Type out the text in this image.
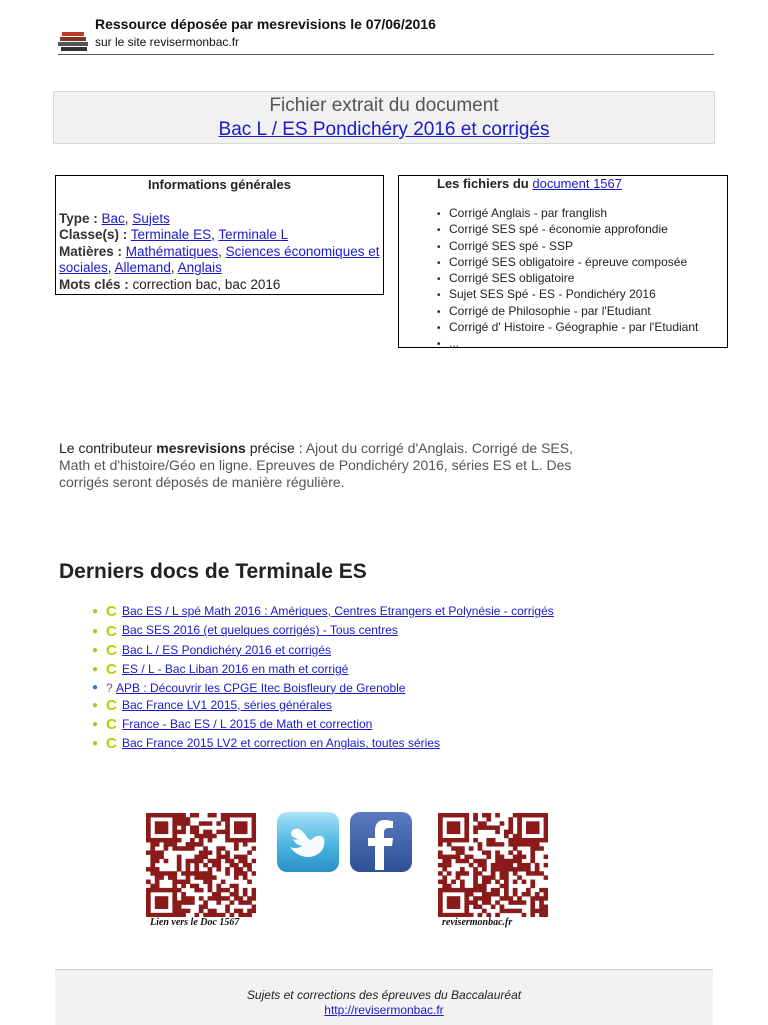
Ressource déposée par mesrevisions le 07/06/2016
sur le site revisermonbac.fr
Fichier extrait du document
Bac L / ES Pondichéry 2016 et corrigés
Informations générales
Type : Bac, Sujets
Classe(s) : Terminale ES, Terminale L
Matières : Mathématiques, Sciences économiques et sociales, Allemand, Anglais
Mots clés : correction bac, bac 2016
Les fichiers du document 1567
• Corrigé Anglais - par franglish
• Corrigé SES spé - économie approfondie
• Corrigé SES spé - SSP
• Corrigé SES obligatoire - épreuve composée
• Corrigé SES obligatoire
• Sujet SES Spé - ES - Pondichéry 2016
• Corrigé de Philosophie - par l'Etudiant
• Corrigé d' Histoire - Géographie - par l'Etudiant
• ...
Le contributeur mesrevisions précise : Ajout du corrigé d'Anglais. Corrigé de SES, Math et d'histoire/Géo en ligne. Epreuves de Pondichéry 2016, séries ES et L. Des corrigés seront déposés de manière régulière.
Derniers docs de Terminale ES
● C Bac ES / L spé Math 2016 : Amériques, Centres Etrangers et Polynésie - corrigés
● C Bac SES 2016 (et quelques corrigés) - Tous centres
● C Bac L / ES Pondichéry 2016 et corrigés
● C ES / L - Bac Liban 2016 en math et corrigé
● ? APB : Découvrir les CPGE Itec Boisfleury de Grenoble
● C Bac France LV1 2015, séries générales
● C France - Bac ES / L 2015 de Math et correction
● C Bac France 2015 LV2 et correction en Anglais, toutes séries
Lien vers le Doc 1567	revisermonbac.fr
Sujets et corrections des épreuves du Baccalauréat
http://revisermonbac.fr
